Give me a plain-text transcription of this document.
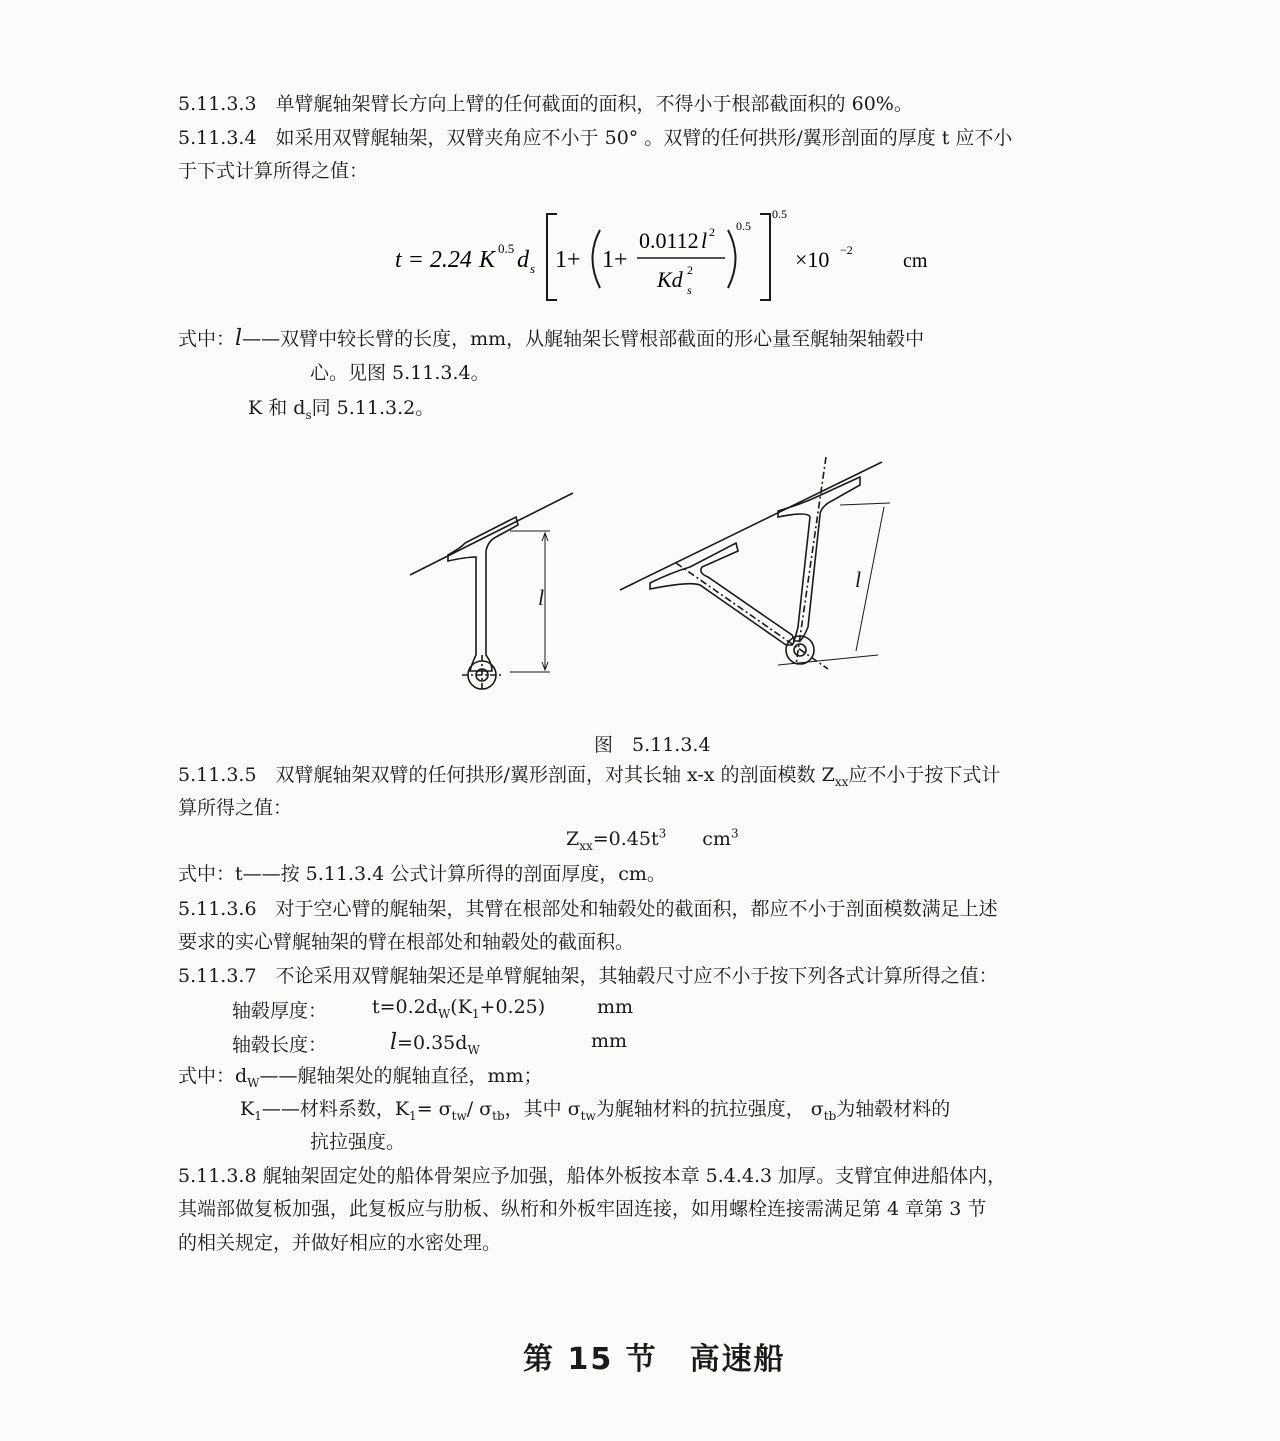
5.11.3.3　单臂艉轴架臂长方向上臂的任何截面的面积，不得小于根部截面积的 60%。
5.11.3.4　如采用双臂艉轴架，双臂夹角应不小于 50° 。双臂的任何拱形/翼形剖面的厚度 t 应不小
于下式计算所得之值：
t = 2.24 K 0.5 d s 1+ 1+
0.0112 l 2
Kd s
2
0.5
0.5
×10 −2	cm
式中：l——双臂中较长臂的长度，mm，从艉轴架长臂根部截面的形心量至艉轴架轴毂中
心。见图 5.11.3.4。
K 和 $d_s$同 5.11.3.2。
l
l
图　5.11.3.4
5.11.3.5　双臂艉轴架双臂的任何拱形/翼形剖面，对其长轴 x-x 的剖面模数 $Z_{xx}$应不小于按下式计
算所得之值：
$Z_{xx}=0.45t^3$ $cm^3$
式中：t——按 5.11.3.4 公式计算所得的剖面厚度，cm。
5.11.3.6　对于空心臂的艉轴架，其臂在根部处和轴毂处的截面积，都应不小于剖面模数满足上述
要求的实心臂艉轴架的臂在根部处和轴毂处的截面积。
5.11.3.7　不论采用双臂艉轴架还是单臂艉轴架，其轴毂尺寸应不小于按下列各式计算所得之值：
轴毂厚度： $t=0.2d_W(K_1+0.25)$	mm
轴毂长度：	$l=0.35d_W$	mm
式中：$d_W——$艉轴架处的艉轴直径，mm；
$K_1——$材料系数，$K_1= \sigma_{tw}/$ $\sigma_{tb}$，其中 $\sigma_{tw}$为艉轴材料的抗拉强度， $\sigma_{tb}$为轴毂材料的
抗拉强度。
5.11.3.8 艉轴架固定处的船体骨架应予加强，船体外板按本章 5.4.4.3 加厚。支臂宜伸进船体内，
其端部做复板加强，此复板应与肋板、纵桁和外板牢固连接，如用螺栓连接需满足第 4 章第 3 节
的相关规定，并做好相应的水密处理。
第 15 节　高速船
